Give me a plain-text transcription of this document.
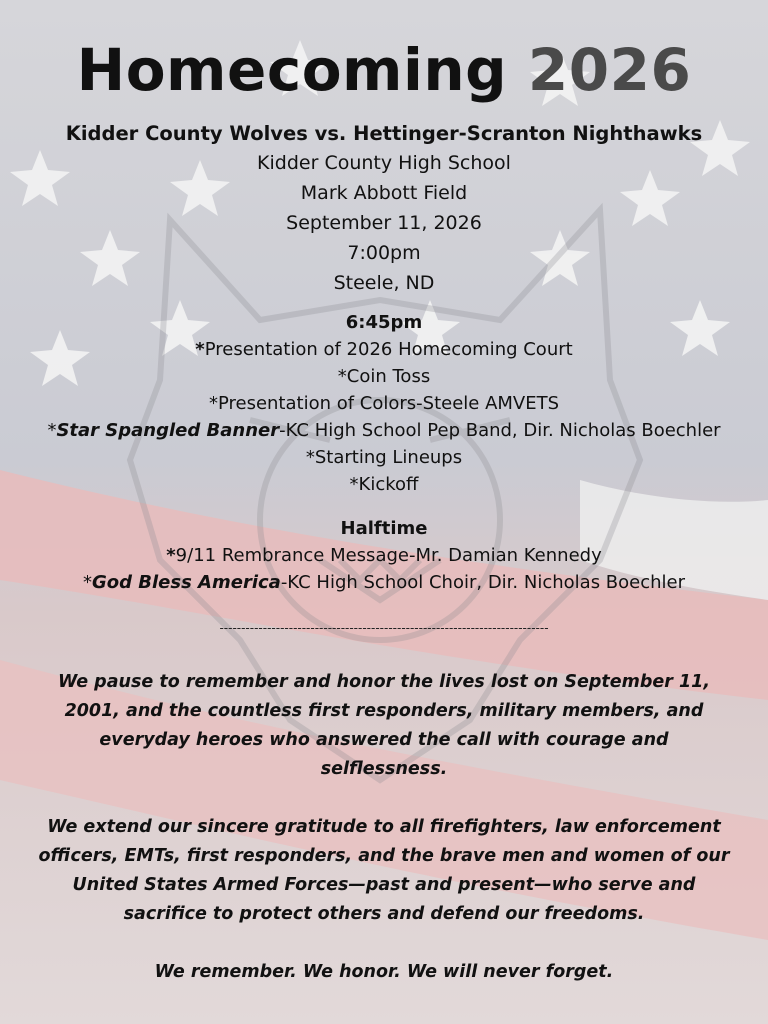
Homecoming 2026
Kidder County Wolves vs. Hettinger-Scranton Nighthawks
Kidder County High School
Mark Abbott Field
September 11, 2026
7:00pm
Steele, ND
6:45pm
*Presentation of 2026 Homecoming Court
*Coin Toss
*Presentation of Colors-Steele AMVETS
*Star Spangled Banner-KC High School Pep Band, Dir. Nicholas Boechler
*Starting Lineups
*Kickoff
Halftime
*9/11 Rembrance Message-Mr. Damian Kennedy
*God Bless America-KC High School Choir, Dir. Nicholas Boechler
----------------------------------------------------------------------------
We pause to remember and honor the lives lost on September 11, 2001, and the countless first responders, military members, and everyday heroes who answered the call with courage and selflessness.
We extend our sincere gratitude to all firefighters, law enforcement officers, EMTs, first responders, and the brave men and women of our United States Armed Forces—past and present—who serve and sacrifice to protect others and defend our freedoms.
We remember. We honor. We will never forget.
